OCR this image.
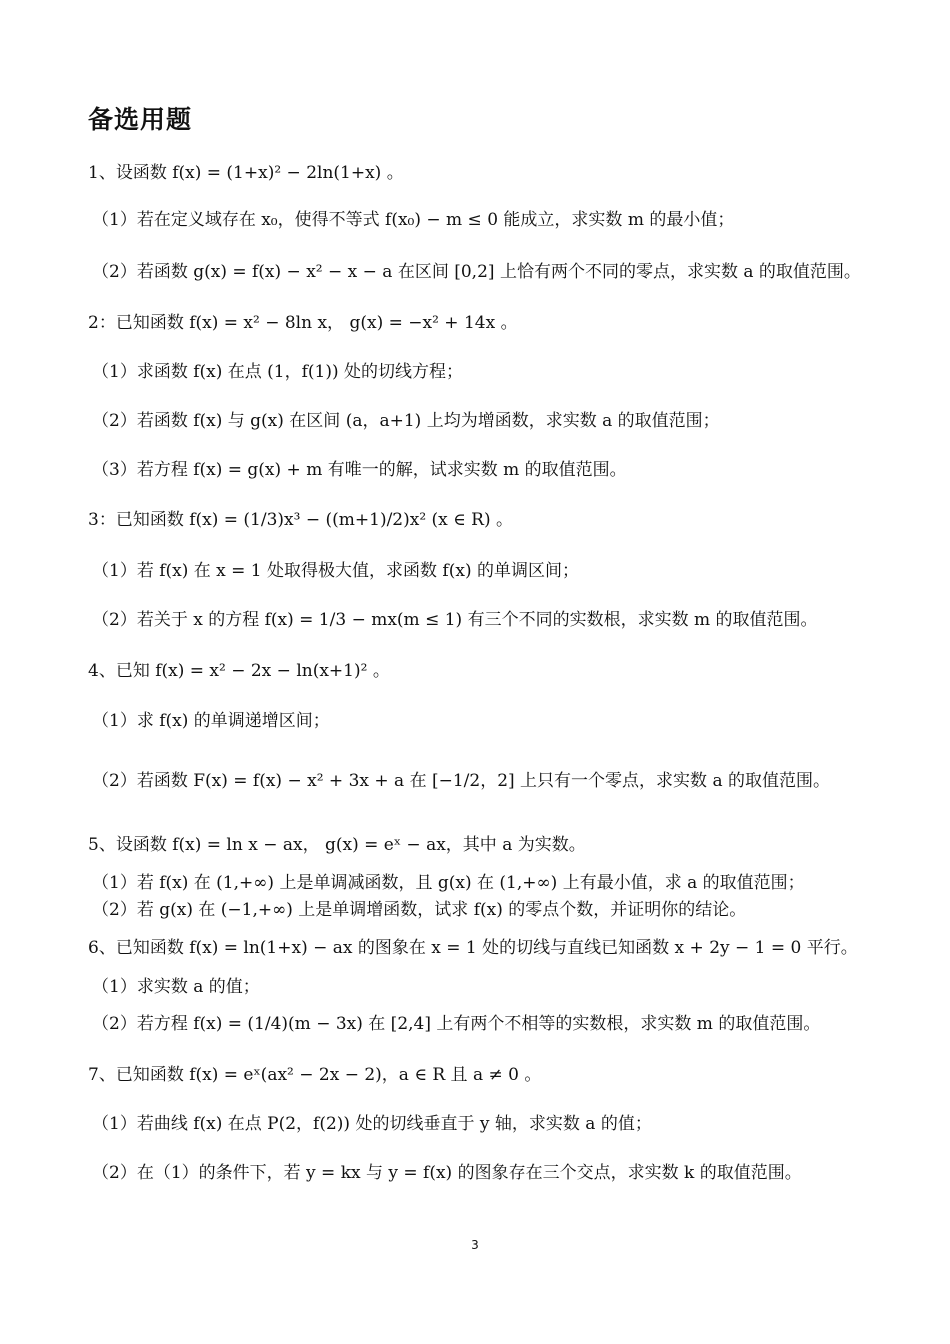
备选用题
1、设函数 f(x) = (1+x)² − 2ln(1+x) 。
（1）若在定义域存在 x₀，使得不等式 f(x₀) − m ≤ 0 能成立，求实数 m 的最小值；
（2）若函数 g(x) = f(x) − x² − x − a 在区间 [0,2] 上恰有两个不同的零点，求实数 a 的取值范围。
2：已知函数 f(x) = x² − 8ln x， g(x) = −x² + 14x 。
（1）求函数 f(x) 在点 (1，f(1)) 处的切线方程；
（2）若函数 f(x) 与 g(x) 在区间 (a，a+1) 上均为增函数，求实数 a 的取值范围；
（3）若方程 f(x) = g(x) + m 有唯一的解，试求实数 m 的取值范围。
3：已知函数 f(x) = (1/3)x³ − ((m+1)/2)x² (x ∈ R) 。
（1）若 f(x) 在 x = 1 处取得极大值，求函数 f(x) 的单调区间；
（2）若关于 x 的方程 f(x) = 1/3 − mx(m ≤ 1) 有三个不同的实数根，求实数 m 的取值范围。
4、已知 f(x) = x² − 2x − ln(x+1)² 。
（1）求 f(x) 的单调递增区间；
（2）若函数 F(x) = f(x) − x² + 3x + a 在 [−1/2，2] 上只有一个零点，求实数 a 的取值范围。
5、设函数 f(x) = ln x − ax， g(x) = eˣ − ax，其中 a 为实数。
（1）若 f(x) 在 (1,+∞) 上是单调减函数，且 g(x) 在 (1,+∞) 上有最小值，求 a 的取值范围；
（2）若 g(x) 在 (−1,+∞) 上是单调增函数，试求 f(x) 的零点个数，并证明你的结论。
6、已知函数 f(x) = ln(1+x) − ax 的图象在 x = 1 处的切线与直线已知函数 x + 2y − 1 = 0 平行。
（1）求实数 a 的值；
（2）若方程 f(x) = (1/4)(m − 3x) 在 [2,4] 上有两个不相等的实数根，求实数 m 的取值范围。
7、已知函数 f(x) = eˣ(ax² − 2x − 2)，a ∈ R 且 a ≠ 0 。
（1）若曲线 f(x) 在点 P(2，f(2)) 处的切线垂直于 y 轴，求实数 a 的值；
（2）在（1）的条件下，若 y = kx 与 y = f(x) 的图象存在三个交点，求实数 k 的取值范围。
3
